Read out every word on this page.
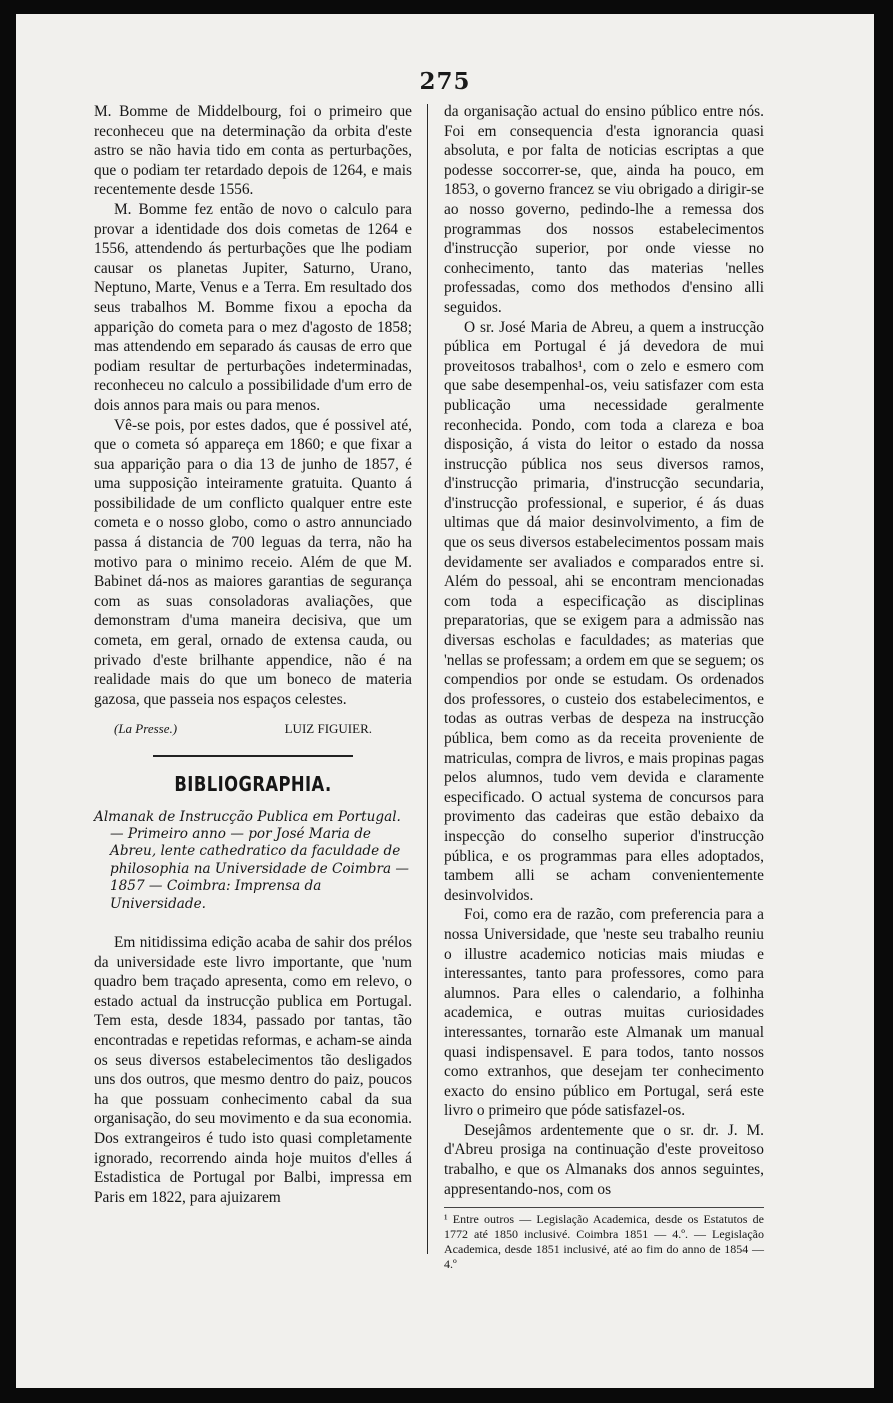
275

M. Bomme de Middelbourg, foi o primeiro que reconheceu que na determinação da orbita d'este astro se não havia tido em conta as perturbações, que o podiam ter retardado depois de 1264, e mais recentemente desde 1556.

M. Bomme fez então de novo o calculo para provar a identidade dos dois cometas de 1264 e 1556, attendendo ás perturbações que lhe podiam causar os planetas Jupiter, Saturno, Urano, Neptuno, Marte, Venus e a Terra. Em resultado dos seus trabalhos M. Bomme fixou a epocha da apparição do cometa para o mez d'agosto de 1858; mas attendendo em separado ás causas de erro que podiam resultar de perturbações indeterminadas, reconheceu no calculo a possibilidade d'um erro de dois annos para mais ou para menos.

Vê-se pois, por estes dados, que é possivel até, que o cometa só appareça em 1860; e que fixar a sua apparição para o dia 13 de junho de 1857, é uma supposição inteiramente gratuita. Quanto á possibilidade de um conflicto qualquer entre este cometa e o nosso globo, como o astro annunciado passa á distancia de 700 leguas da terra, não ha motivo para o minimo receio. Além de que M. Babinet dá-nos as maiores garantias de segurança com as suas consoladoras avaliações, que demonstram d'uma maneira decisiva, que um cometa, em geral, ornado de extensa cauda, ou privado d'este brilhante appendice, não é na realidade mais do que um boneco de materia gazosa, que passeia nos espaços celestes.

(La Presse.)	LUIZ FIGUIER.
BIBLIOGRAPHIA.

Almanak de Instrucção Publica em Portugal. — Primeiro anno — por José Maria de Abreu, lente cathedratico da faculdade de philosophia na Universidade de Coimbra — 1857 — Coimbra: Imprensa da Universidade.

Em nitidissima edição acaba de sahir dos prélos da universidade este livro importante, que 'num quadro bem traçado apresenta, como em relevo, o estado actual da instrucção publica em Portugal. Tem esta, desde 1834, passado por tantas, tão encontradas e repetidas reformas, e acham-se ainda os seus diversos estabelecimentos tão desligados uns dos outros, que mesmo dentro do paiz, poucos ha que possuam conhecimento cabal da sua organisação, do seu movimento e da sua economia. Dos extrangeiros é tudo isto quasi completamente ignorado, recorrendo ainda hoje muitos d'elles á Estadistica de Portugal por Balbi, impressa em Paris em 1822, para ajuizarem

da organisação actual do ensino público entre nós. Foi em consequencia d'esta ignorancia quasi absoluta, e por falta de noticias escriptas a que podesse soccorrer-se, que, ainda ha pouco, em 1853, o governo francez se viu obrigado a dirigir-se ao nosso governo, pedindo-lhe a remessa dos programmas dos nossos estabelecimentos d'instrucção superior, por onde viesse no conhecimento, tanto das materias 'nelles professadas, como dos methodos d'ensino alli seguidos.

O sr. José Maria de Abreu, a quem a instrucção pública em Portugal é já devedora de mui proveitosos trabalhos¹, com o zelo e esmero com que sabe desempenhal-os, veiu satisfazer com esta publicação uma necessidade geralmente reconhecida. Pondo, com toda a clareza e boa disposição, á vista do leitor o estado da nossa instrucção pública nos seus diversos ramos, d'instrucção primaria, d'instrucção secundaria, d'instrucção professional, e superior, é ás duas ultimas que dá maior desinvolvimento, a fim de que os seus diversos estabelecimentos possam mais devidamente ser avaliados e comparados entre si. Além do pessoal, ahi se encontram mencionadas com toda a especificação as disciplinas preparatorias, que se exigem para a admissão nas diversas escholas e faculdades; as materias que 'nellas se professam; a ordem em que se seguem; os compendios por onde se estudam. Os ordenados dos professores, o custeio dos estabelecimentos, e todas as outras verbas de despeza na instrucção pública, bem como as da receita proveniente de matriculas, compra de livros, e mais propinas pagas pelos alumnos, tudo vem devida e claramente especificado. O actual systema de concursos para provimento das cadeiras que estão debaixo da inspecção do conselho superior d'instrucção pública, e os programmas para elles adoptados, tambem alli se acham convenientemente desinvolvidos.

Foi, como era de razão, com preferencia para a nossa Universidade, que 'neste seu trabalho reuniu o illustre academico noticias mais miudas e interessantes, tanto para professores, como para alumnos. Para elles o calendario, a folhinha academica, e outras muitas curiosidades interessantes, tornarão este Almanak um manual quasi indispensavel. E para todos, tanto nossos como extranhos, que desejam ter conhecimento exacto do ensino público em Portugal, será este livro o primeiro que póde satisfazel-os.

Desejâmos ardentemente que o sr. dr. J. M. d'Abreu prosiga na continuação d'este proveitoso trabalho, e que os Almanaks dos annos seguintes, appresentando-nos, com os

¹ Entre outros — Legislação Academica, desde os Estatutos de 1772 até 1850 inclusivé. Coimbra 1851 — 4.º. — Legislação Academica, desde 1851 inclusivé, até ao fim do anno de 1854 — 4.º
